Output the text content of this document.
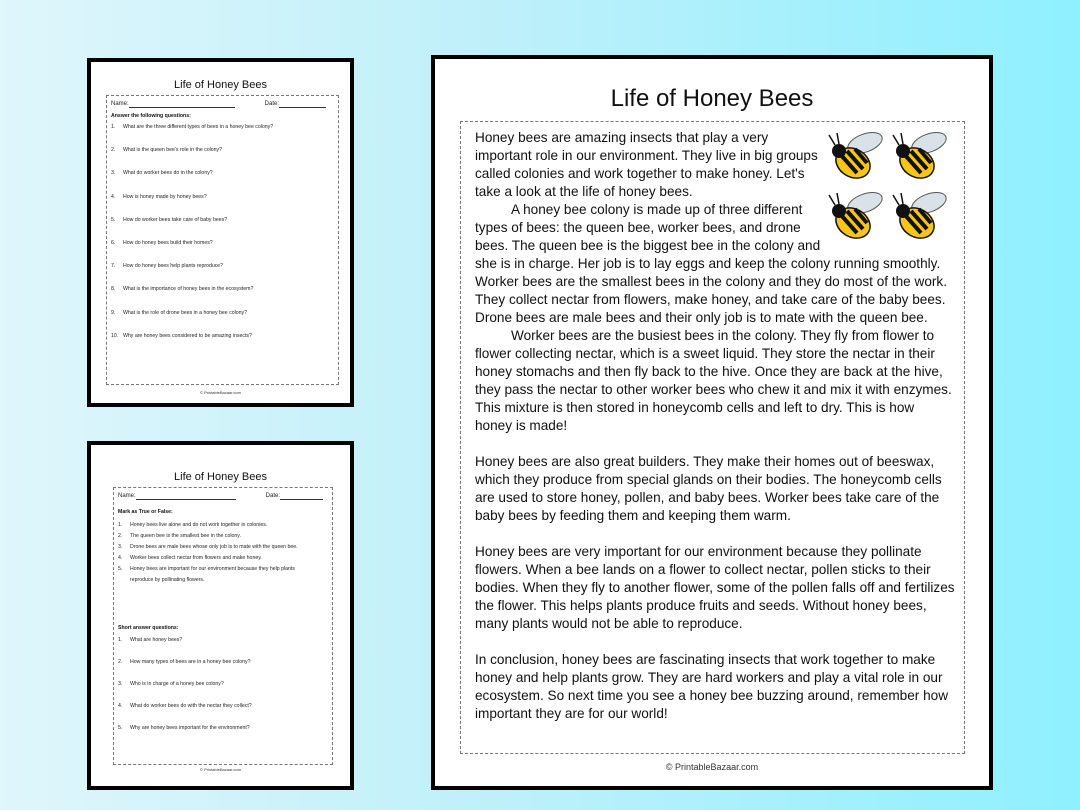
Life of Honey Bees
Name:	Date:
Answer the following questions:
1. What are the three different types of bees in a honey bee colony?
2. What is the queen bee's role in the colony?
3. What do worker bees do in the colony?
4. How is honey made by honey bees?
5. How do worker bees take care of baby bees?
6. How do honey bees build their homes?
7. How do honey bees help plants reproduce?
8. What is the importance of honey bees in the ecosystem?
9. What is the role of drone bees in a honey bee colony?
10. Why are honey bees considered to be amazing insects?
© PrintableBazaar.com
Life of Honey Bees
Name:	Date:
Mark as True or False:
1. Honey bees live alone and do not work together in colonies.
2. The queen bee is the smallest bee in the colony.
3. Drone bees are male bees whose only job is to mate with the queen bee.
4. Worker bees collect nectar from flowers and make honey.
5.	Honey bees are important for our environment because they help plants reproduce by pollinating flowers.
Short answer questions:
1. What are honey bees?
2. How many types of bees are in a honey bee colony?
3. Who is in charge of a honey bee colony?
4. What do worker bees do with the nectar they collect?
5. Why are honey bees important for the environment?
© PrintableBazaar.com
Life of Honey Bees

Honey bees are amazing insects that play a very important role in our environment. They live in big groups called colonies and work together to make honey. Let's take a look at the life of honey bees.

A honey bee colony is made up of three different types of bees: the queen bee, worker bees, and drone bees. The queen bee is the biggest bee in the colony and she is in charge. Her job is to lay eggs and keep the colony running smoothly. Worker bees are the smallest bees in the colony and they do most of the work. They collect nectar from flowers, make honey, and take care of the baby bees. Drone bees are male bees and their only job is to mate with the queen bee.

Worker bees are the busiest bees in the colony. They fly from flower to flower collecting nectar, which is a sweet liquid. They store the nectar in their honey stomachs and then fly back to the hive. Once they are back at the hive, they pass the nectar to other worker bees who chew it and mix it with enzymes. This mixture is then stored in honeycomb cells and left to dry. This is how honey is made!

Honey bees are also great builders. They make their homes out of beeswax, which they produce from special glands on their bodies. The honeycomb cells are used to store honey, pollen, and baby bees. Worker bees take care of the baby bees by feeding them and keeping them warm.

Honey bees are very important for our environment because they pollinate flowers. When a bee lands on a flower to collect nectar, pollen sticks to their bodies. When they fly to another flower, some of the pollen falls off and fertilizes the flower. This helps plants produce fruits and seeds. Without honey bees, many plants would not be able to reproduce.

In conclusion, honey bees are fascinating insects that work together to make honey and help plants grow. They are hard workers and play a vital role in our ecosystem. So next time you see a honey bee buzzing around, remember how important they are for our world!

© PrintableBazaar.com
